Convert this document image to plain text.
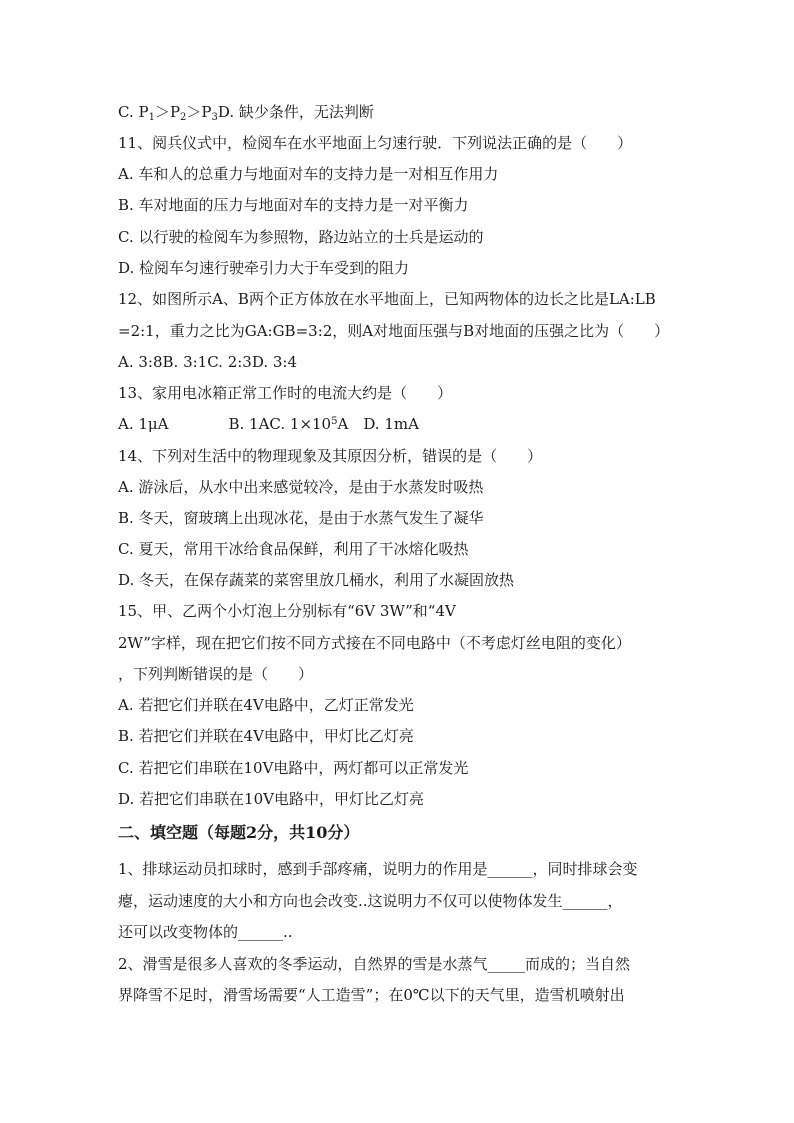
C. $P_1>P_2>P_3D$. 缺少条件，无法判断
11、阅兵仪式中，检阅车在水平地面上匀速行驶．下列说法正确的是（　　）
A. 车和人的总重力与地面对车的支持力是一对相互作用力
B. 车对地面的压力与地面对车的支持力是一对平衡力
C. 以行驶的检阅车为参照物，路边站立的士兵是运动的
D. 检阅车匀速行驶牵引力大于车受到的阻力
12、如图所示A、B两个正方体放在水平地面上，已知两物体的边长之比是LA:LB
=2:1，重力之比为GA:GB=3:2，则A对地面压强与B对地面的压强之比为（　　）
A. 3:8B. 3:1C. 2:3D. 3:4
13、家用电冰箱正常工作时的电流大约是（　　）
A. 1μA　　　　B. 1AC. $1\times 10^5A$　D. 1mA
14、下列对生活中的物理现象及其原因分析，错误的是（　　）
A. 游泳后，从水中出来感觉较冷，是由于水蒸发时吸热
B. 冬天，窗玻璃上出现冰花，是由于水蒸气发生了凝华
C. 夏天，常用干冰给食品保鲜，利用了干冰熔化吸热
D. 冬天，在保存蔬菜的菜窖里放几桶水，利用了水凝固放热
15、甲、乙两个小灯泡上分别标有“6V 3W”和“4V
2W”字样，现在把它们按不同方式接在不同电路中（不考虑灯丝电阻的变化）
，下列判断错误的是（　　）
A. 若把它们并联在4V电路中，乙灯正常发光
B. 若把它们并联在4V电路中，甲灯比乙灯亮
C. 若把它们串联在10V电路中，两灯都可以正常发光
D. 若把它们串联在10V电路中，甲灯比乙灯亮
二、填空题（每题2分，共10分）
1、排球运动员扣球时，感到手部疼痛，说明力的作用是______，同时排球会变
瘪，运动速度的大小和方向也会改变..这说明力不仅可以使物体发生______，
还可以改变物体的______..
2、滑雪是很多人喜欢的冬季运动，自然界的雪是水蒸气_____而成的；当自然
界降雪不足时，滑雪场需要“人工造雪”；在0℃以下的天气里，造雪机喷射出
